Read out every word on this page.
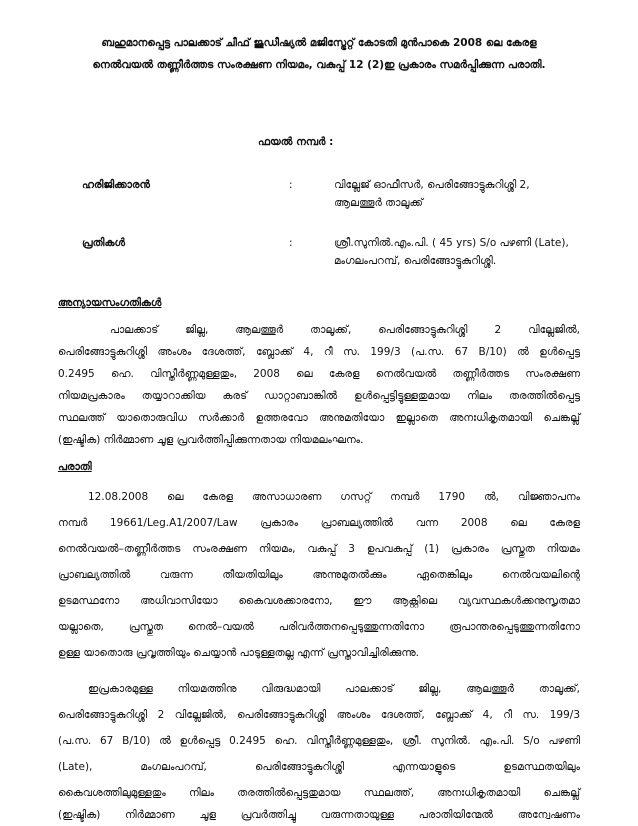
ബഹുമാനപ്പെട്ട പാലക്കാട് ചീഫ് ജുഡീഷ്യൽ മജിസ്ട്രേറ്റ് കോടതി മുൻപാകെ 2008 ലെ കേരള
നെൽവയൽ തണ്ണീർത്തട സംരക്ഷണ നിയമം, വകുപ്പ് 12 (2)ഇ പ്രകാരം സമർപ്പിക്കുന്ന പരാതി.
ഫയൽ നമ്പർ :
ഹരിജിക്കാരൻ	:	വില്ലേജ് ഓഫീസർ, പെരിങ്ങോട്ടുകുറിശ്ശി 2,
ആലത്തൂർ താലൂക്ക്
പ്രതികൾ	:	ശ്രീ.സുനിൽ.എം.പി. ( 45 yrs) S/o പഴണി (Late),
മംഗലംപറമ്പ്, പെരിങ്ങോട്ടുകുറിശ്ശി.
അന്യായസംഗതികൾ
പാലക്കാട് ജില്ല, ആലത്തൂർ താലൂക്ക്, പെരിങ്ങോട്ടുകുറിശ്ശി 2 വില്ലേജിൽ,
പെരിങ്ങോട്ടുകുറിശ്ശി അംശം ദേശത്ത്, ബ്ലോക്ക് 4, റീ സ. 199/3 (പ.സ. 67 B/10) ൽ ഉൾപ്പെട്ട
0.2495 ഹെ. വിസ്തീർണ്ണമുള്ളതും, 2008 ലെ കേരള നെൽവയൽ തണ്ണീർത്തട സംരക്ഷണ
നിയമപ്രകാരം തയ്യാറാക്കിയ കരട് ഡാറ്റാബാങ്കിൽ ഉൾപ്പെട്ടിട്ടുള്ളതുമായ നിലം തരത്തിൽപ്പെട്ട
സ്ഥലത്ത് യാതൊരുവിധ സർക്കാർ ഉത്തരവോ അനുമതിയോ ഇല്ലാതെ അനഃധികൃതമായി ചെങ്കല്ല്
(ഇഷ്ടിക) നിർമ്മാണ ചൂള പ്രവർത്തിപ്പിക്കുന്നതായ നിയമലംഘനം.
പരാതി
12.08.2008 ലെ കേരള അസാധാരണ ഗസറ്റ് നമ്പർ 1790 ൽ, വിജ്ഞാപനം
നമ്പർ 19661/Leg.A1/2007/Law പ്രകാരം പ്രാബല്യത്തിൽ വന്ന 2008 ലെ കേരള
നെൽവയൽ–തണ്ണീർത്തട സംരക്ഷണ നിയമം, വകുപ്പ് 3 ഉപവകുപ്പ് (1) പ്രകാരം പ്രസ്തുത നിയമം
പ്രാബല്യത്തിൽ വരുന്ന തീയതിയിലും അന്നുമുതൽക്കും ഏതെങ്കിലും നെൽവയലിന്റെ
ഉടമസ്ഥനോ അധിവാസിയോ കൈവശക്കാരനോ, ഈ ആക്റ്റിലെ വ്യവസ്ഥകൾക്കനുസൃതമാ
യല്ലാതെ, പ്രസ്തുത നെൽ–വയൽ പരിവർത്തനപ്പെടുത്തുന്നതിനോ രൂപാന്തരപ്പെടുത്തുന്നതിനോ
ഉള്ള യാതൊരു പ്രവൃത്തിയും ചെയ്യാൻ പാടുള്ളതല്ല എന്ന് പ്രസ്താവിച്ചിരിക്കുന്നു.
ഇപ്രകാരമുള്ള നിയമത്തിനു വിരുദ്ധമായി പാലക്കാട് ജില്ല, ആലത്തൂർ താലൂക്ക്,
പെരിങ്ങോട്ടുകുറിശ്ശി 2 വില്ലേജിൽ, പെരിങ്ങോട്ടുകുറിശ്ശി അംശം ദേശത്ത്, ബ്ലോക്ക് 4, റീ സ. 199/3
(പ.സ. 67 B/10) ൽ ഉൾപ്പെട്ട 0.2495 ഹെ. വിസ്തീർണ്ണമുള്ളതും, ശ്രീ. സുനിൽ. എം.പി. S/o പഴണി
(Late), മംഗലംപറമ്പ്, പെരിങ്ങോട്ടുകുറിശ്ശി എന്നയാളുടെ ഉടമസ്ഥതയിലും
കൈവശത്തിലുമുള്ളതും നിലം തരത്തിൽപ്പെട്ടതുമായ സ്ഥലത്ത്, അനഃധികൃതമായി ചെങ്കല്ല്
(ഇഷ്ടിക) നിർമ്മാണ ചൂള പ്രവർത്തിച്ചു വരുന്നതായുള്ള പരാതിയിന്മേൽ അന്വേഷണം
